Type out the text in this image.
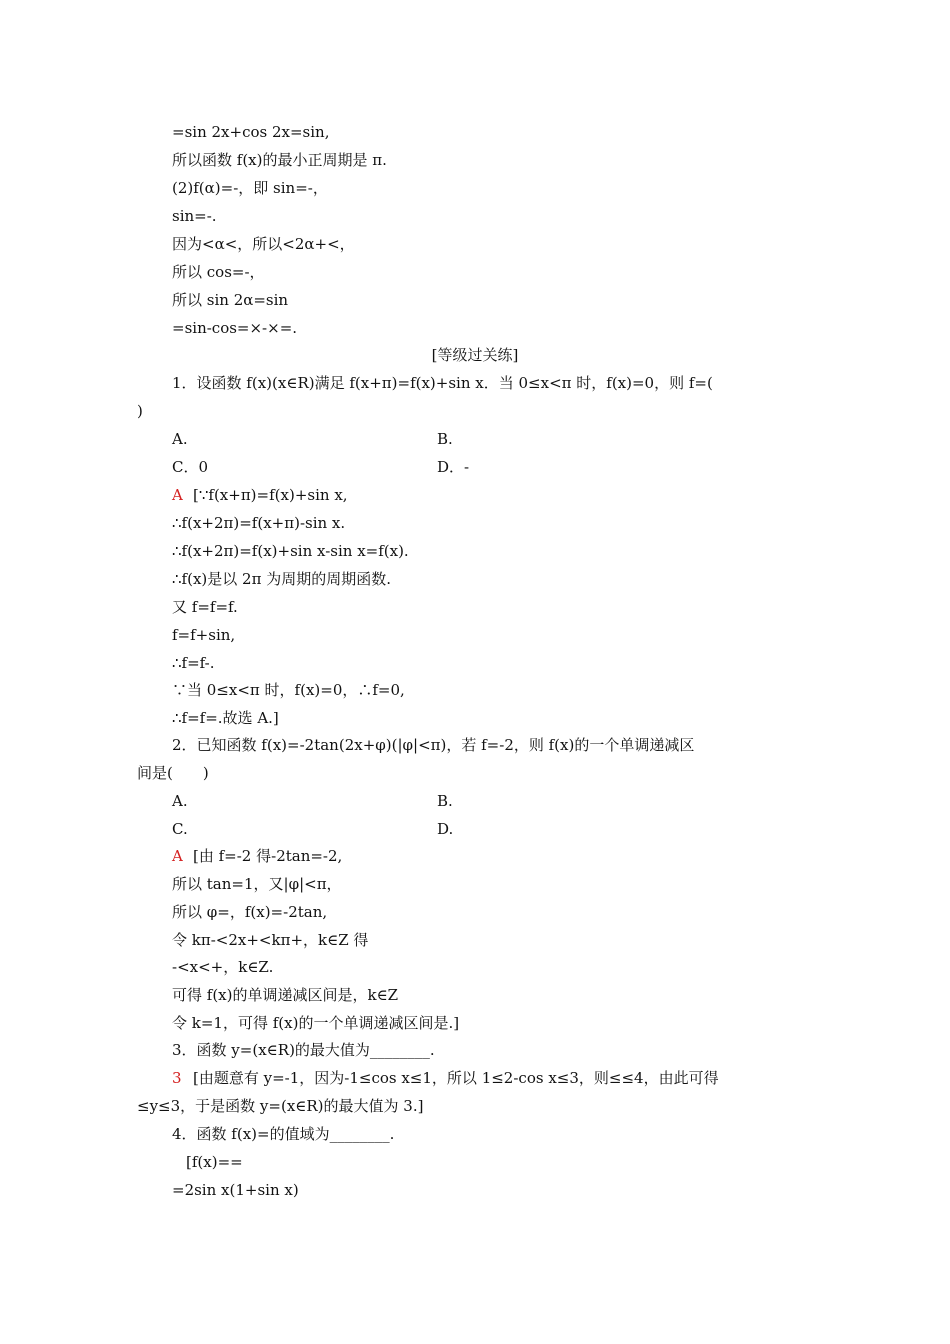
=sin 2x+cos 2x=sin,
所以函数 f(x)的最小正周期是 π.
(2)f(α)=-，即 sin=-，
sin=-.
因为<α<，所以<2α+<，
所以 cos=-，
所以 sin 2α=sin
=sin-cos=×-×=.
[等级过关练]
1．设函数 f(x)(x∈R)满足 f(x+π)=f(x)+sin x．当 0≤x<π 时，f(x)=0，则 f=(
)
A.	B.
C．0	D．-
A [∵f(x+π)=f(x)+sin x,
∴f(x+2π)=f(x+π)-sin x.
∴f(x+2π)=f(x)+sin x-sin x=f(x).
∴f(x)是以 2π 为周期的周期函数.
又 f=f=f.
f=f+sin,
∴f=f-.
∵当 0≤x<π 时，f(x)=0，∴f=0,
∴f=f=.故选 A.]
2．已知函数 f(x)=-2tan(2x+φ)(|φ|<π)，若 f=-2，则 f(x)的一个单调递减区
间是(　　)
A.	B.
C.	D.
A [由 f=-2 得-2tan=-2,
所以 tan=1，又|φ|<π，
所以 φ=，f(x)=-2tan,
令 kπ-<2x+<kπ+，k∈Z 得
-<x<+，k∈Z.
可得 f(x)的单调递减区间是，k∈Z
令 k=1，可得 f(x)的一个单调递减区间是.]
3．函数 y=(x∈R)的最大值为________.
3 [由题意有 y=-1，因为-1≤cos x≤1，所以 1≤2-cos x≤3，则≤≤4，由此可得
≤y≤3，于是函数 y=(x∈R)的最大值为 3.]
4．函数 f(x)=的值域为________.
[f(x)==
=2sin x(1+sin x)
